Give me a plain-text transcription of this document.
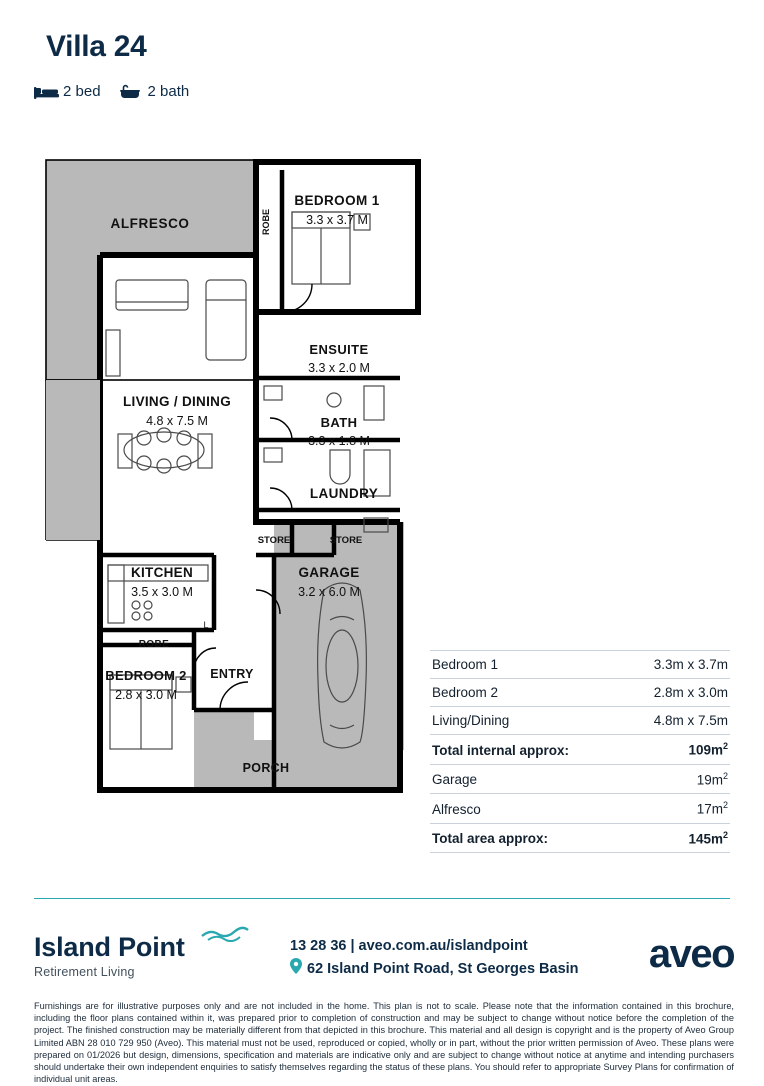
Villa 24
2 bed	2 bath
ALFRESCO
BEDROOM 1
3.3 x 3.7 M
ROBE
ENSUITE
3.3 x 2.0 M
BATH
3.3 x 1.8 M
LIVING / DINING
4.8 x 7.5 M
LAUNDRY
STORE	STORE
KITCHEN
3.5 x 3.0 M
GARAGE
3.2 x 6.0 M
ROBE
BEDROOM 2
2.8 x 3.0 M
ENTRY
PORCH
L
Bedroom 1	3.3m x 3.7m
Bedroom 2	2.8m x 3.0m
Living/Dining	4.8m x 7.5m
Total internal approx:	$109m^2$
Garage	$19m^2$
Alfresco	$17m^2$
Total area approx:	$145m^2$
Island Point
Retirement Living
13 28 36 | aveo.com.au/islandpoint
62 Island Point Road, St Georges Basin aveo
Furnishings are for illustrative purposes only and are not included in the home. This plan is not to scale. Please note that the information contained in this brochure, including the floor plans contained within it, was prepared prior to completion of construction and may be subject to change without notice before the completion of the project. The finished construction may be materially different from that depicted in this brochure. This material and all design is copyright and is the property of Aveo Group Limited ABN 28 010 729 950 (Aveo). This material must not be used, reproduced or copied, wholly or in part, without the prior written permission of Aveo. These plans were prepared on 01/2026 but design, dimensions, specification and materials are indicative only and are subject to change without notice at anytime and intending purchasers should undertake their own independent enquiries to satisfy themselves regarding the status of these plans. You should refer to appropriate Survey Plans for confirmation of individual unit areas.
